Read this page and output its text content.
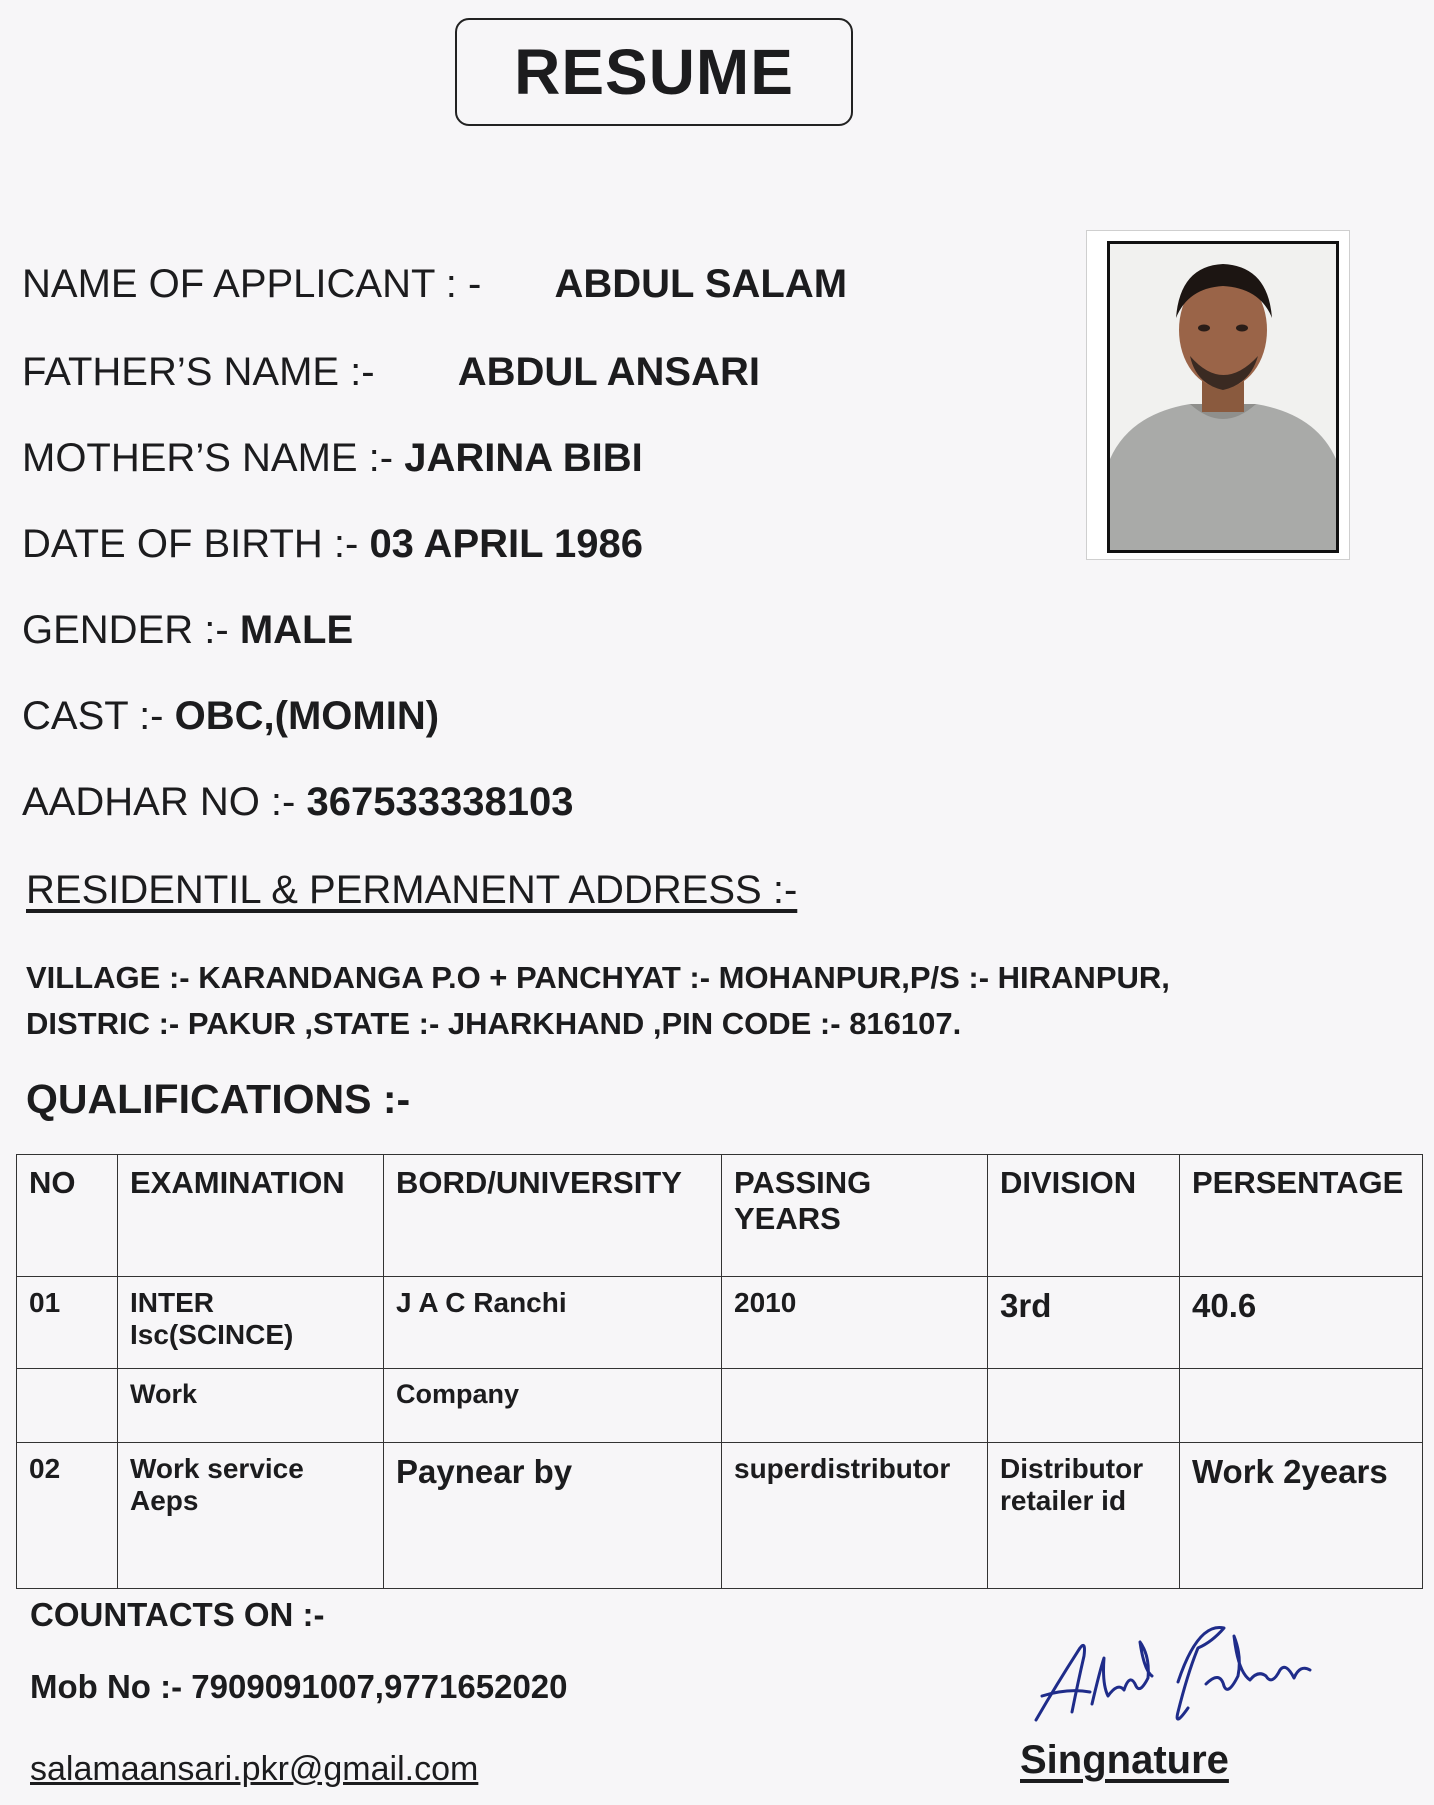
RESUME
NAME OF APPLICANT : - ABDUL SALAM
FATHER’S NAME :- ABDUL ANSARI
MOTHER’S NAME :- JARINA BIBI
DATE OF BIRTH :- 03 APRIL 1986
GENDER :- MALE
CAST :- OBC,(MOMIN)
AADHAR NO :- 367533338103
RESIDENTIL & PERMANENT ADDRESS :-
VILLAGE :- KARANDANGA P.O + PANCHYAT :- MOHANPUR,P/S :- HIRANPUR,
DISTRIC :- PAKUR ,STATE :- JHARKHAND ,PIN CODE :- 816107.
QUALIFICATIONS :-
NO	EXAMINATION	BORD/UNIVERSITY	PASSING YEARS	DIVISION	PERSENTAGE
01	INTER Isc(SCINCE)	J A C Ranchi	2010	3rd	40.6
	Work	Company			
02	Work service Aeps	Paynear by	superdistributor	Distributor retailer id	Work 2years
COUNTACTS ON :-
Mob No :- 7909091007,9771652020
salamaansari.pkr@gmail.com	Singnature
